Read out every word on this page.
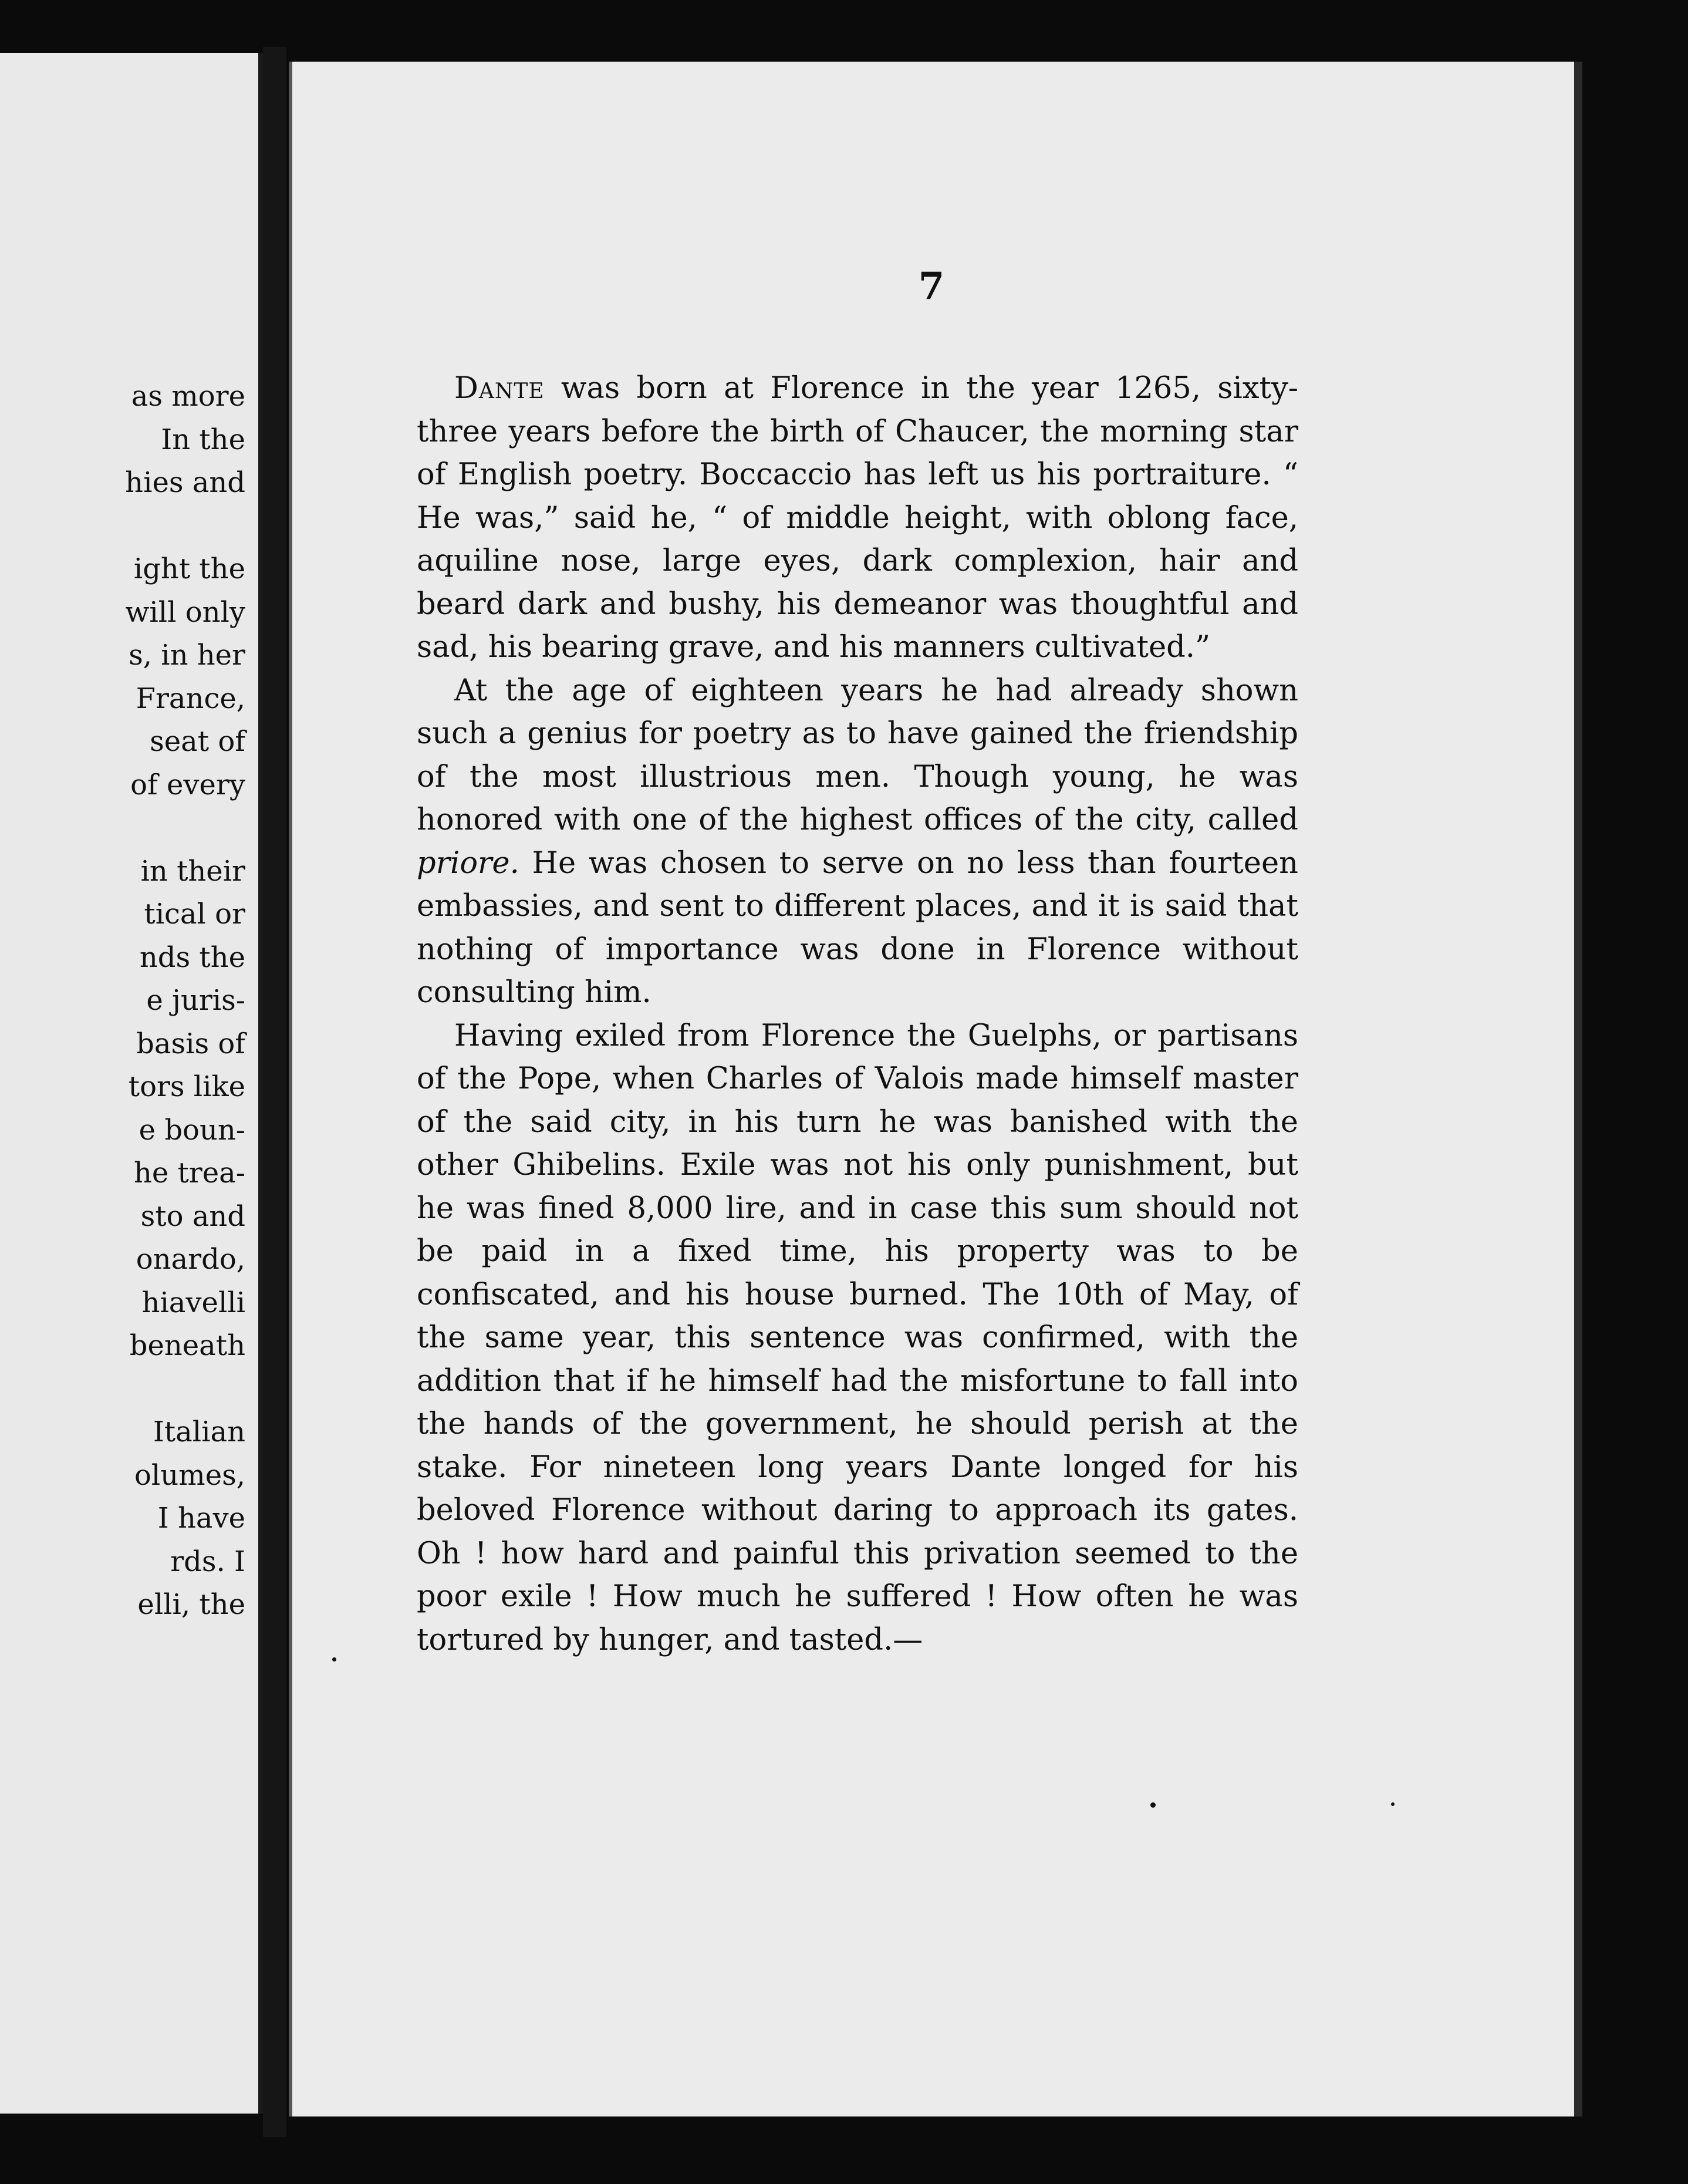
as more
In the
hies and
ight the
will only
s, in her
France,
seat of
of every
in their
tical or
nds the
e juris-
basis of
tors like
e boun-
he trea-
sto and
onardo,
hiavelli
beneath
Italian
olumes,
I have
rds. I
elli, the
7

Dante was born at Florence in the year 1265, sixty-three years before the birth of Chaucer, the morning star of English poetry. Boccaccio has left us his portraiture. “ He was,” said he, “ of middle height, with oblong face, aquiline nose, large eyes, dark complexion, hair and beard dark and bushy, his demeanor was thoughtful and sad, his bearing grave, and his manners cultivated.”

At the age of eighteen years he had already shown such a genius for poetry as to have gained the friendship of the most illustrious men. Though young, he was honored with one of the highest offices of the city, called priore. He was chosen to serve on no less than fourteen embassies, and sent to different places, and it is said that nothing of importance was done in Florence without consulting him.

Having exiled from Florence the Guelphs, or partisans of the Pope, when Charles of Valois made himself master of the said city, in his turn he was banished with the other Ghibelins. Exile was not his only punishment, but he was fined 8,000 lire, and in case this sum should not be paid in a fixed time, his property was to be confiscated, and his house burned. The 10th of May, of the same year, this sentence was confirmed, with the addition that if he himself had the misfortune to fall into the hands of the government, he should perish at the stake. For nineteen long years Dante longed for his beloved Florence without daring to approach its gates. Oh ! how hard and painful this privation seemed to the poor exile ! How much he suffered ! How often he was tortured by hunger, and tasted.—
